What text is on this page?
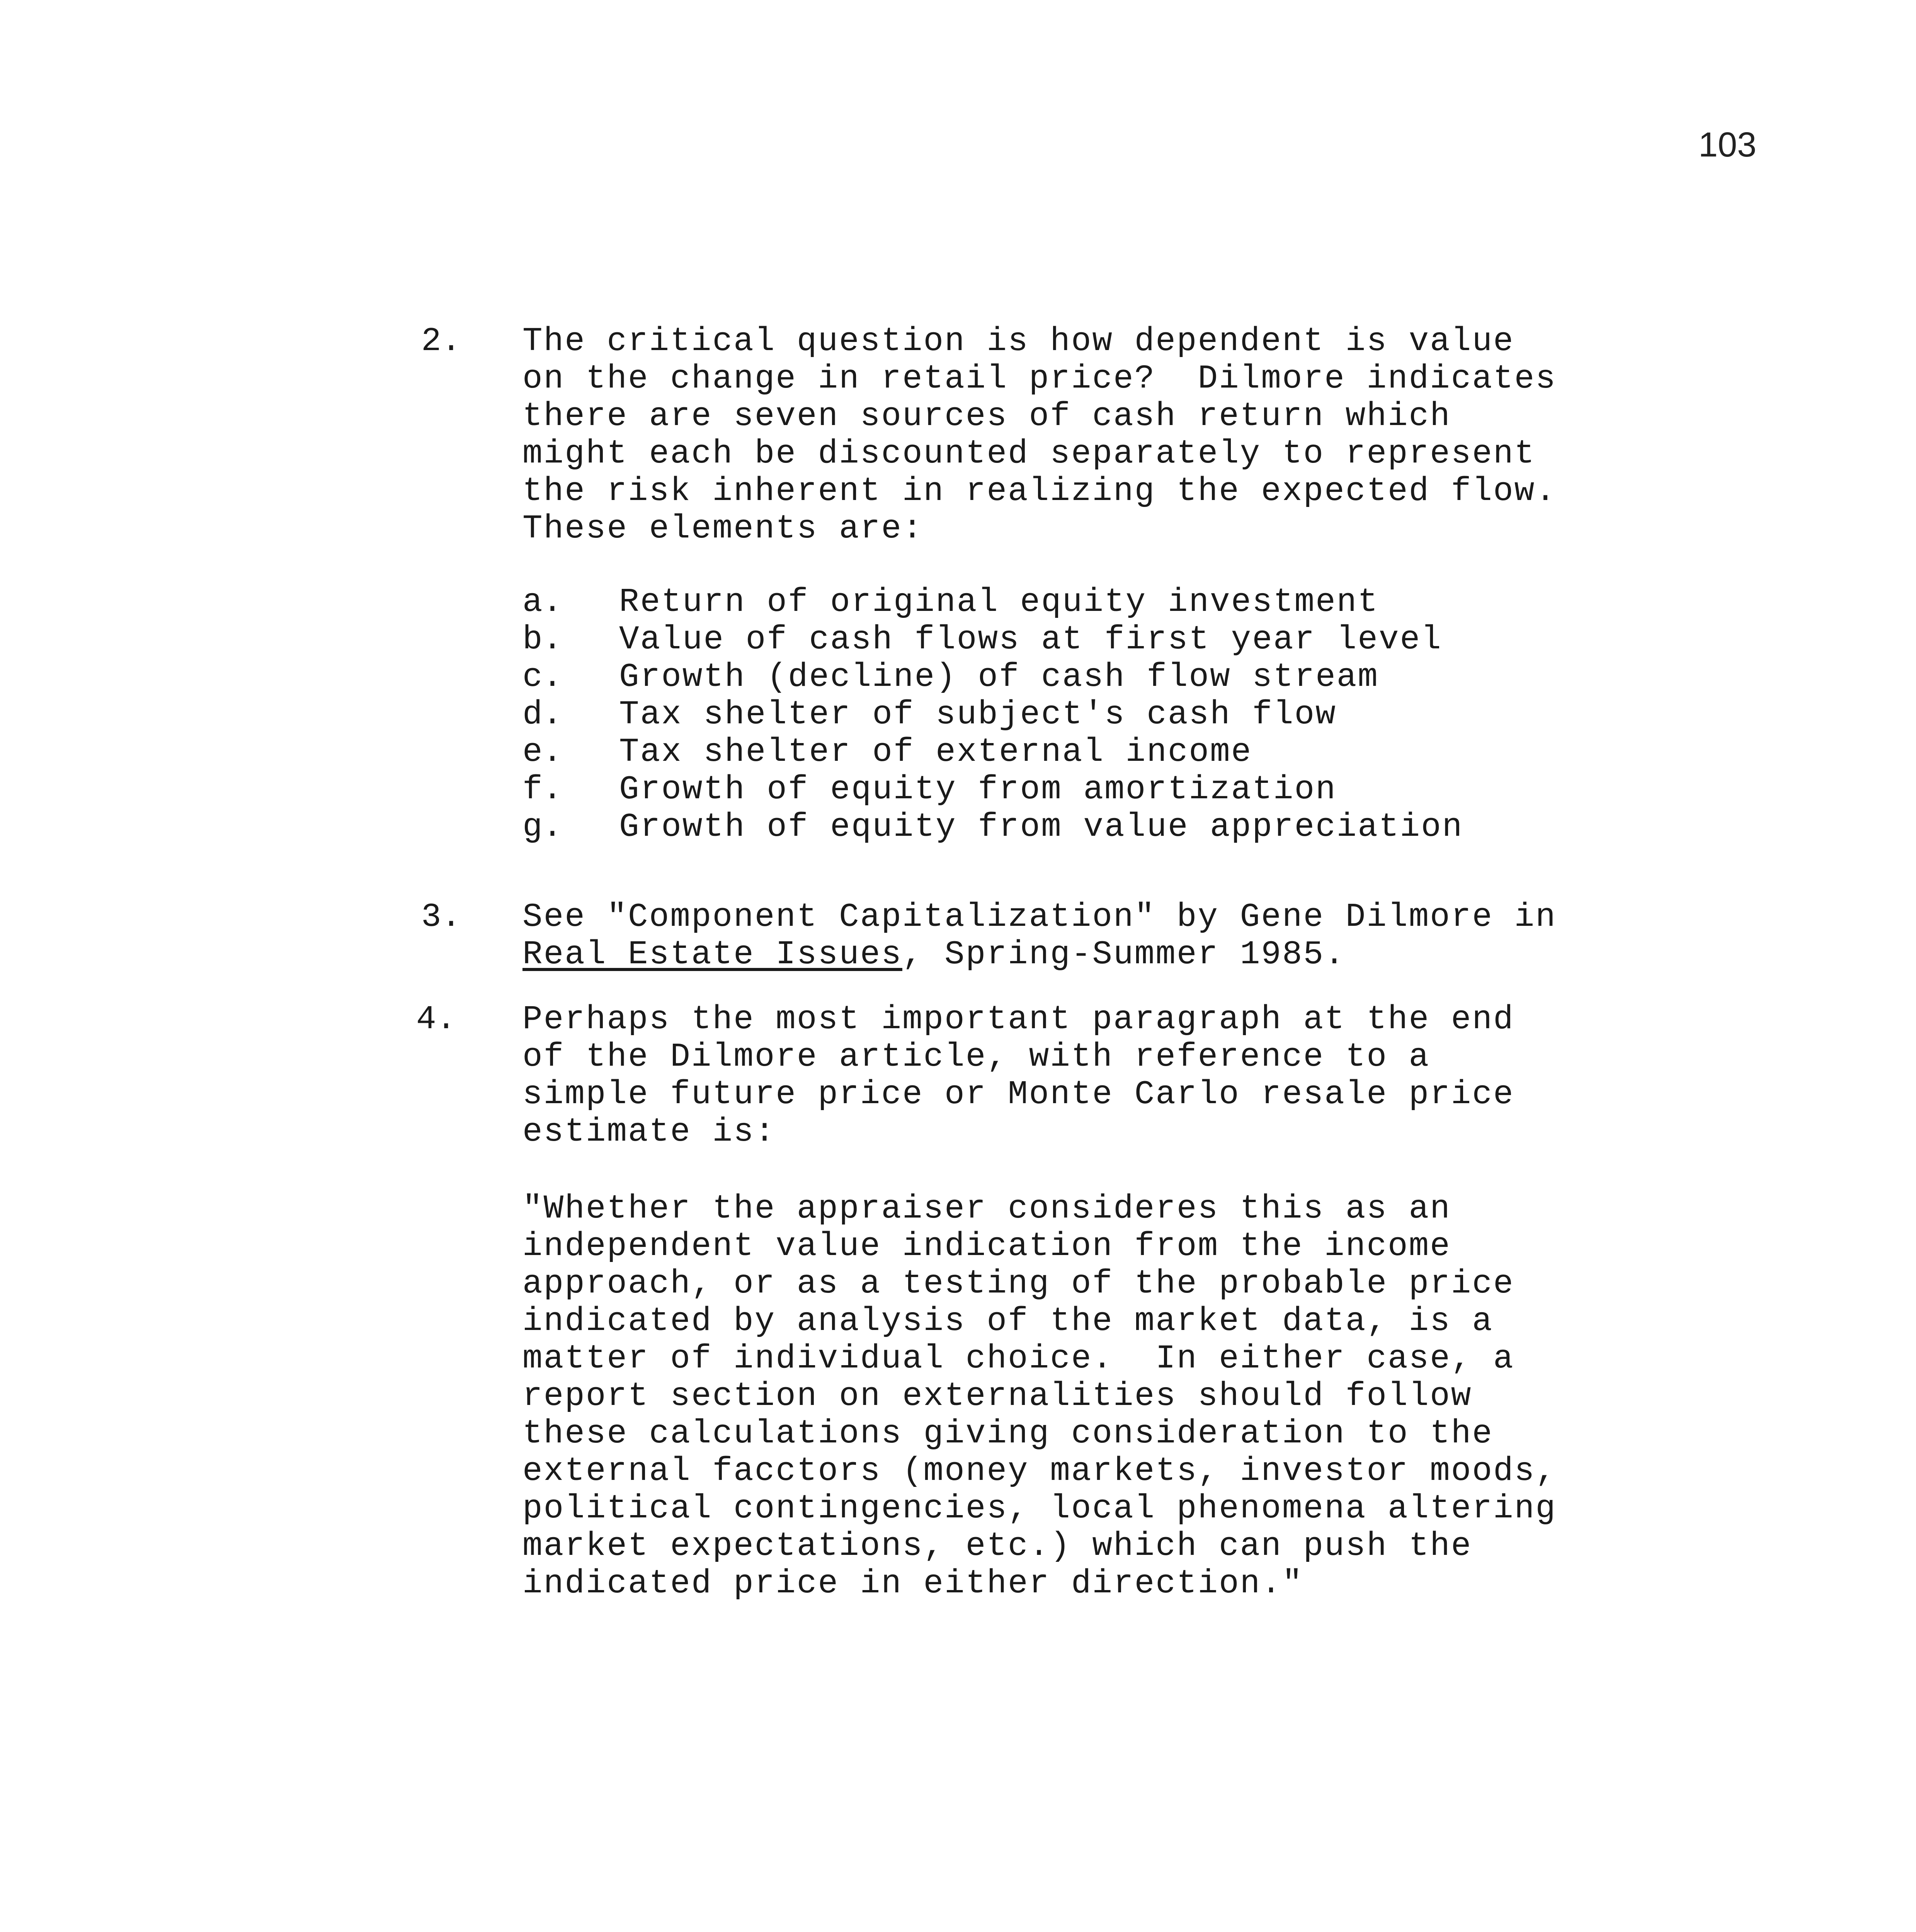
103
2. The critical question is how dependent is value
on the change in retail price?  Dilmore indicates
there are seven sources of cash return which
might each be discounted separately to represent
the risk inherent in realizing the expected flow.
These elements are:
a. Return of original equity investment
b. Value of cash flows at first year level
c. Growth (decline) of cash flow stream
d. Tax shelter of subject's cash flow
e. Tax shelter of external income
f. Growth of equity from amortization
g. Growth of equity from value appreciation
3. See "Component Capitalization" by Gene Dilmore in
Real Estate Issues, Spring-Summer 1985.
4. Perhaps the most important paragraph at the end
of the Dilmore article, with reference to a
simple future price or Monte Carlo resale price
estimate is:
"Whether the appraiser consideres this as an
independent value indication from the income
approach, or as a testing of the probable price
indicated by analysis of the market data, is a
matter of individual choice.  In either case, a
report section on externalities should follow
these calculations giving consideration to the
external facctors (money markets, investor moods,
political contingencies, local phenomena altering
market expectations, etc.) which can push the
indicated price in either direction."
